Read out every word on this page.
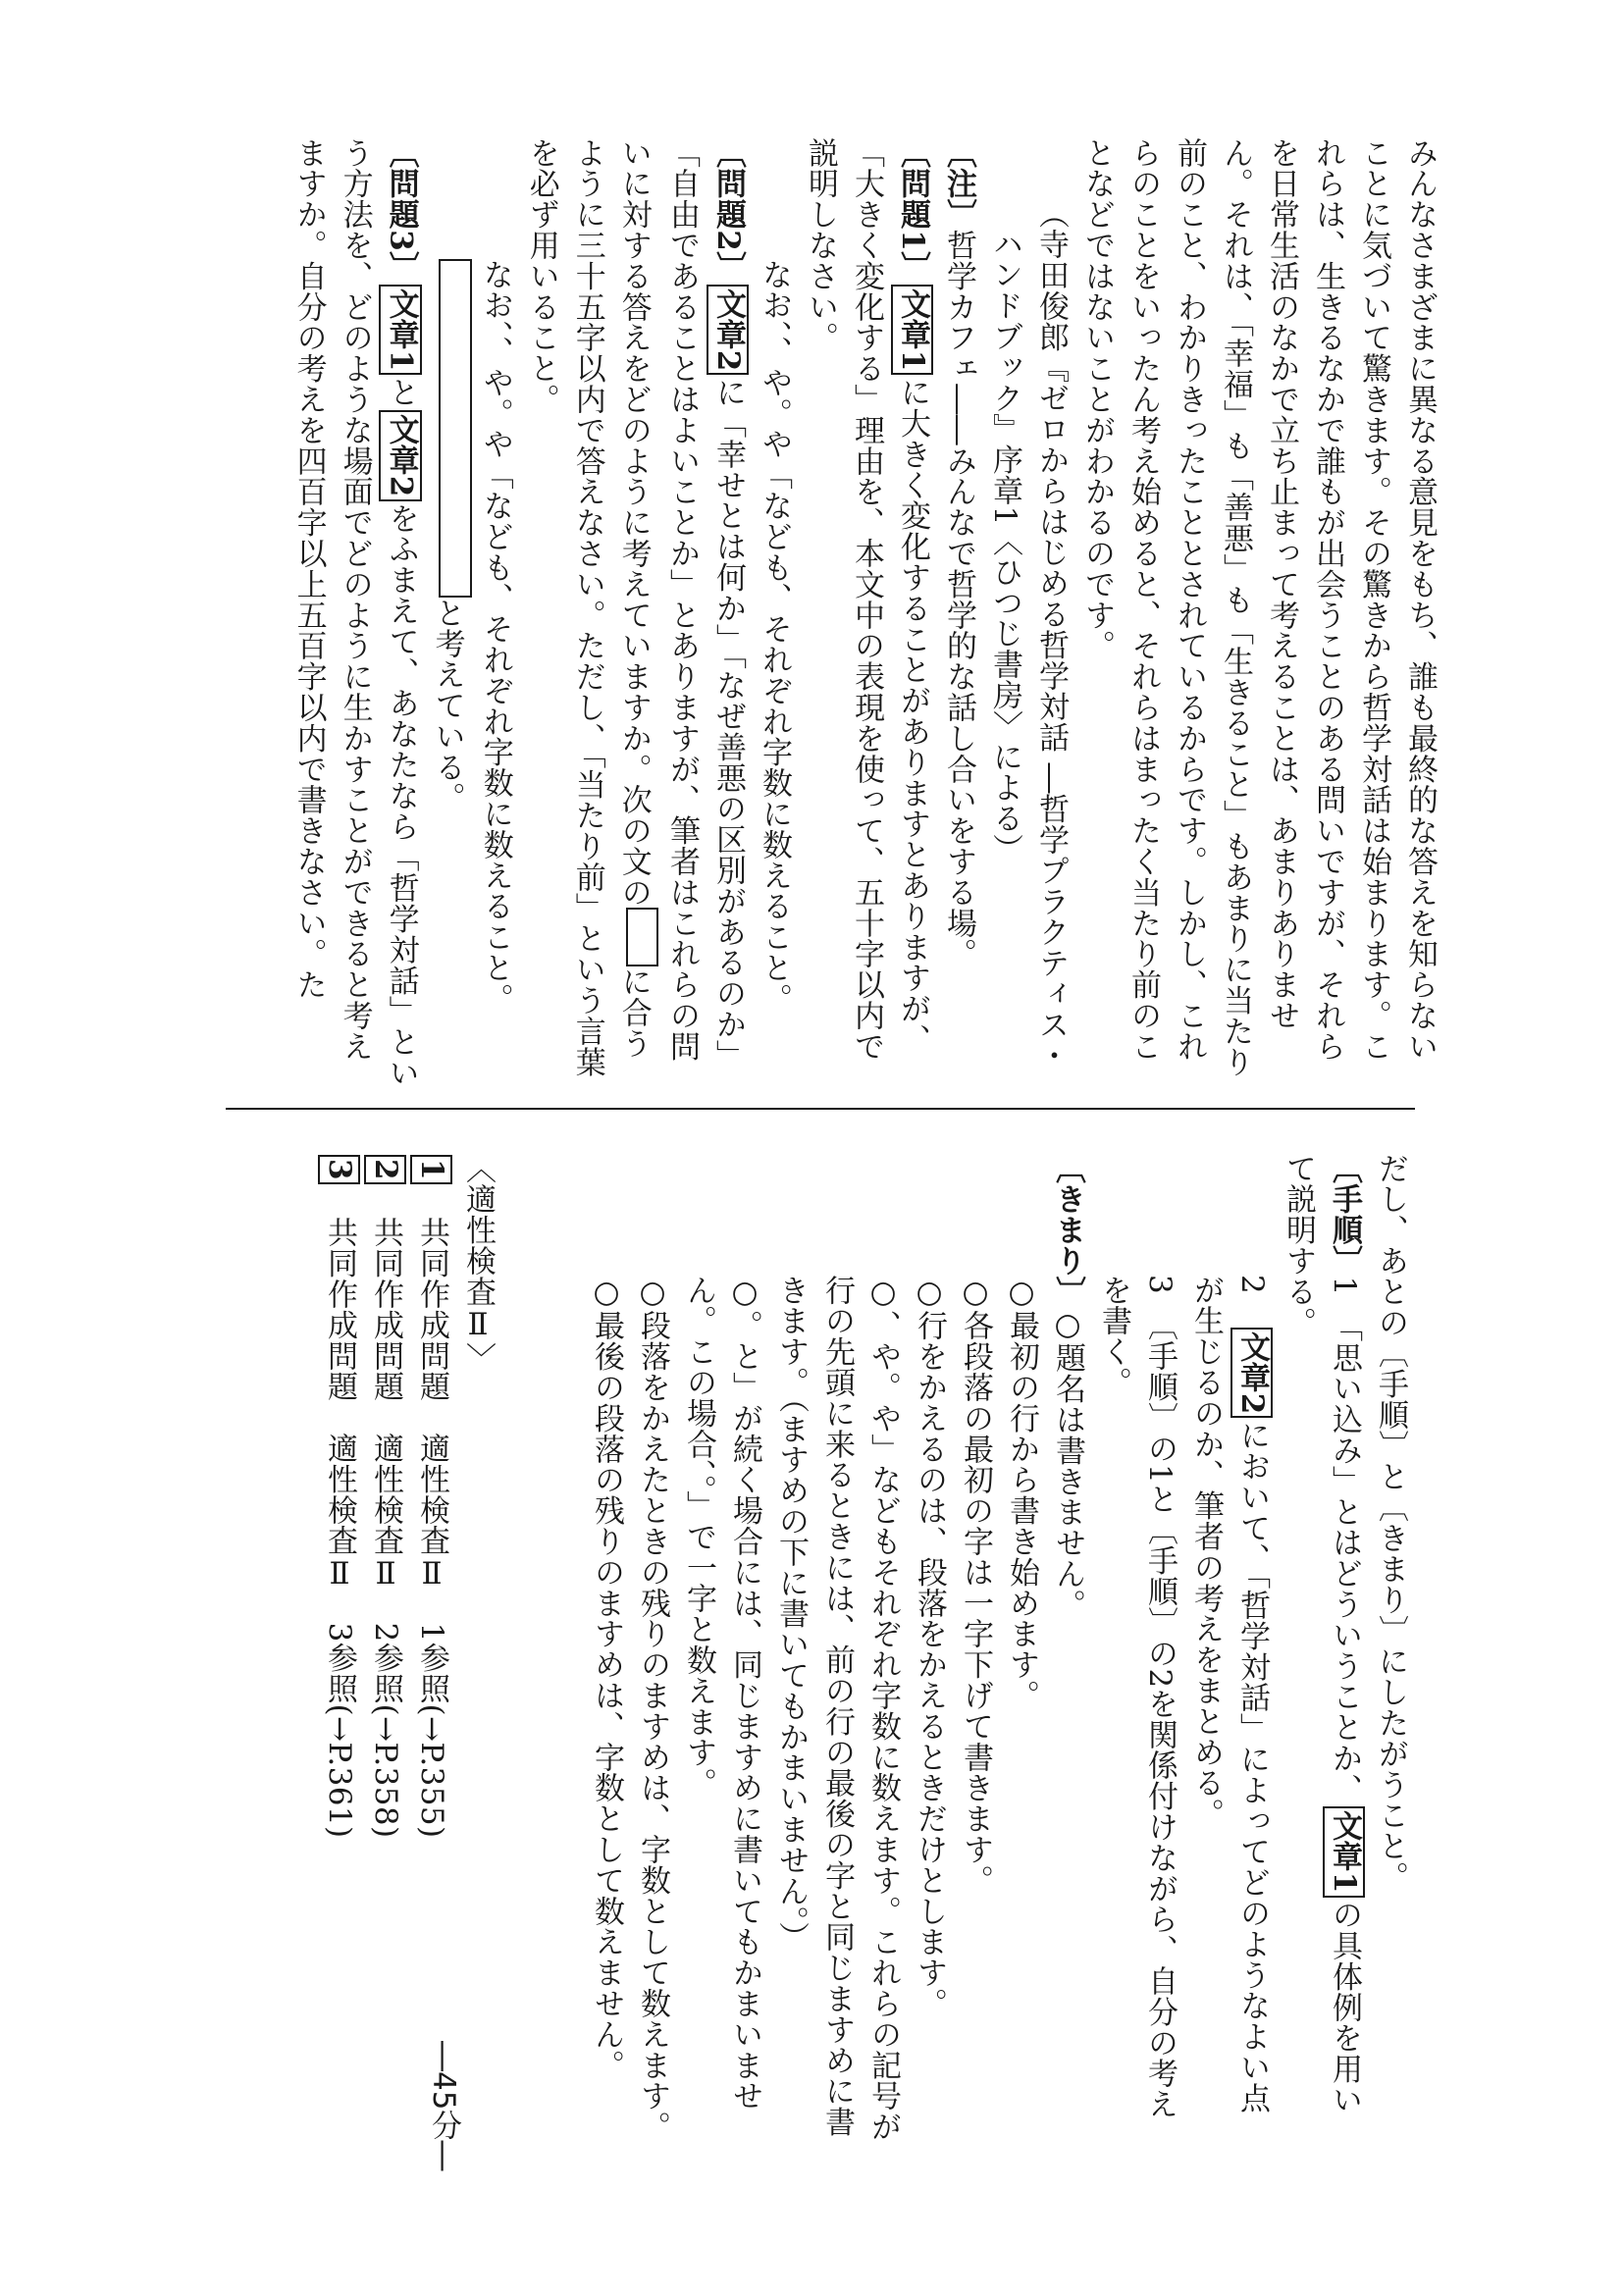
みんなさまざまに異なる意見をもち、誰も最終的な答えを知らないことに気づいて驚きます。その驚きから哲学対話は始まります。これらは、生きるなかで誰もが出会うことのある問いですが、それらを日常生活のなかで立ち止まって考えることは、あまりありません。それは、「幸福」も「善悪」も「生きること」もあまりに当たり前のこと、わかりきったこととされているからです。しかし、これらのことをいったん考え始めると、それらはまったく当たり前のことなどではないことがわかるのです。

（寺田俊郎『ゼロからはじめる哲学対話 ―哲学プラクティス・ハンドブック』序章1〈ひつじ書房〉による）

〔注〕哲学カフェ――みんなで哲学的な話し合いをする場。

〔問題1〕文章1に大きく変化することがありますとありますが、「大きく変化する」理由を、本文中の表現を使って、五十字以内で説明しなさい。

なお、、や。や「なども、それぞれ字数に数えること。

〔問題2〕文章2に「幸せとは何か」「なぜ善悪の区別があるのか」「自由であることはよいことか」とありますが、筆者はこれらの問いに対する答えをどのように考えていますか。次の文のに合うように三十五字以内で答えなさい。ただし、「当たり前」という言葉を必ず用いること。

なお、、や。や「なども、それぞれ字数に数えること。

と考えている。

〔問題3〕文章1と文章2をふまえて、あなたなら「哲学対話」という方法を、どのような場面でどのように生かすことができると考えますか。自分の考えを四百字以上五百字以内で書きなさい。た

だし、あとの〔手順〕と〔きまり〕にしたがうこと。

〔手順〕1　「思い込み」とはどういうことか、文章1の具体例を用いて説明する。

2　文章2において、「哲学対話」によってどのようなよい点が生じるのか、筆者の考えをまとめる。

3　〔手順〕の1と〔手順〕の2を関係付けながら、自分の考えを書く。

〔きまり〕○題名は書きません。

○最初の行から書き始めます。

○各段落の最初の字は一字下げて書きます。

○行をかえるのは、段落をかえるときだけとします。

○、や。や」などもそれぞれ字数に数えます。これらの記号が行の先頭に来るときには、前の行の最後の字と同じますめに書きます。（ますめの下に書いてもかまいません。）

○。と」が続く場合には、同じますめに書いてもかまいません。この場合、。」で一字と数えます。

○段落をかえたときの残りのますめは、字数として数えます。

○最後の段落の残りのますめは、字数として数えません。

〈適性検査Ⅱ〉

1　共同作成問題　適性検査Ⅱ　1参照(→P.355)

2　共同作成問題　適性検査Ⅱ　2参照(→P.358)

3　共同作成問題　適性検査Ⅱ　3参照(→P.361)

―45分―
